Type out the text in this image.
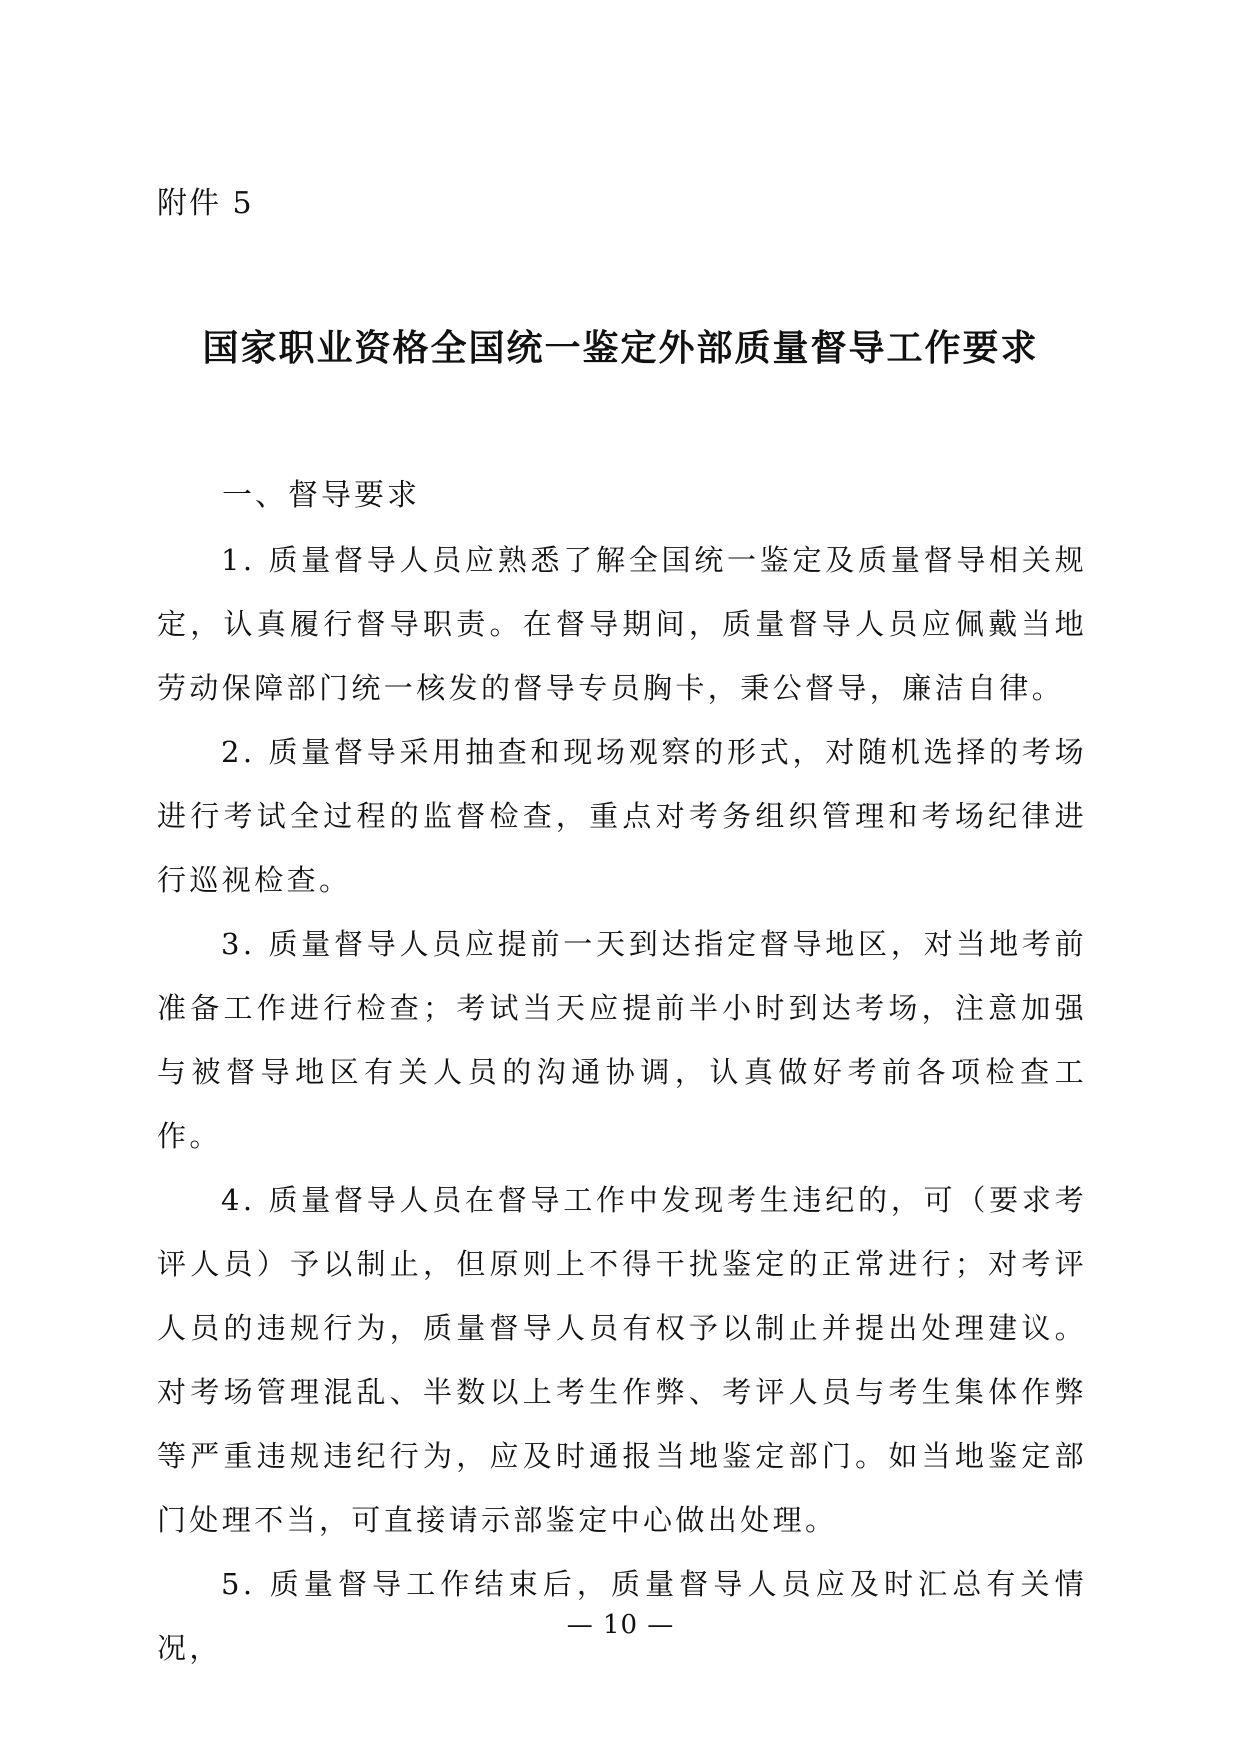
附件 5

国家职业资格全国统一鉴定外部质量督导工作要求
一、督导要求

1. 质量督导人员应熟悉了解全国统一鉴定及质量督导相关规定，认真履行督导职责。在督导期间，质量督导人员应佩戴当地劳动保障部门统一核发的督导专员胸卡，秉公督导，廉洁自律。

2. 质量督导采用抽查和现场观察的形式，对随机选择的考场进行考试全过程的监督检查，重点对考务组织管理和考场纪律进行巡视检查。

3. 质量督导人员应提前一天到达指定督导地区，对当地考前准备工作进行检查；考试当天应提前半小时到达考场，注意加强与被督导地区有关人员的沟通协调，认真做好考前各项检查工作。

4. 质量督导人员在督导工作中发现考生违纪的，可（要求考评人员）予以制止，但原则上不得干扰鉴定的正常进行；对考评人员的违规行为，质量督导人员有权予以制止并提出处理建议。对考场管理混乱、半数以上考生作弊、考评人员与考生集体作弊等严重违规违纪行为，应及时通报当地鉴定部门。如当地鉴定部门处理不当，可直接请示部鉴定中心做出处理。

5. 质量督导工作结束后，质量督导人员应及时汇总有关情况，

— 10 —
